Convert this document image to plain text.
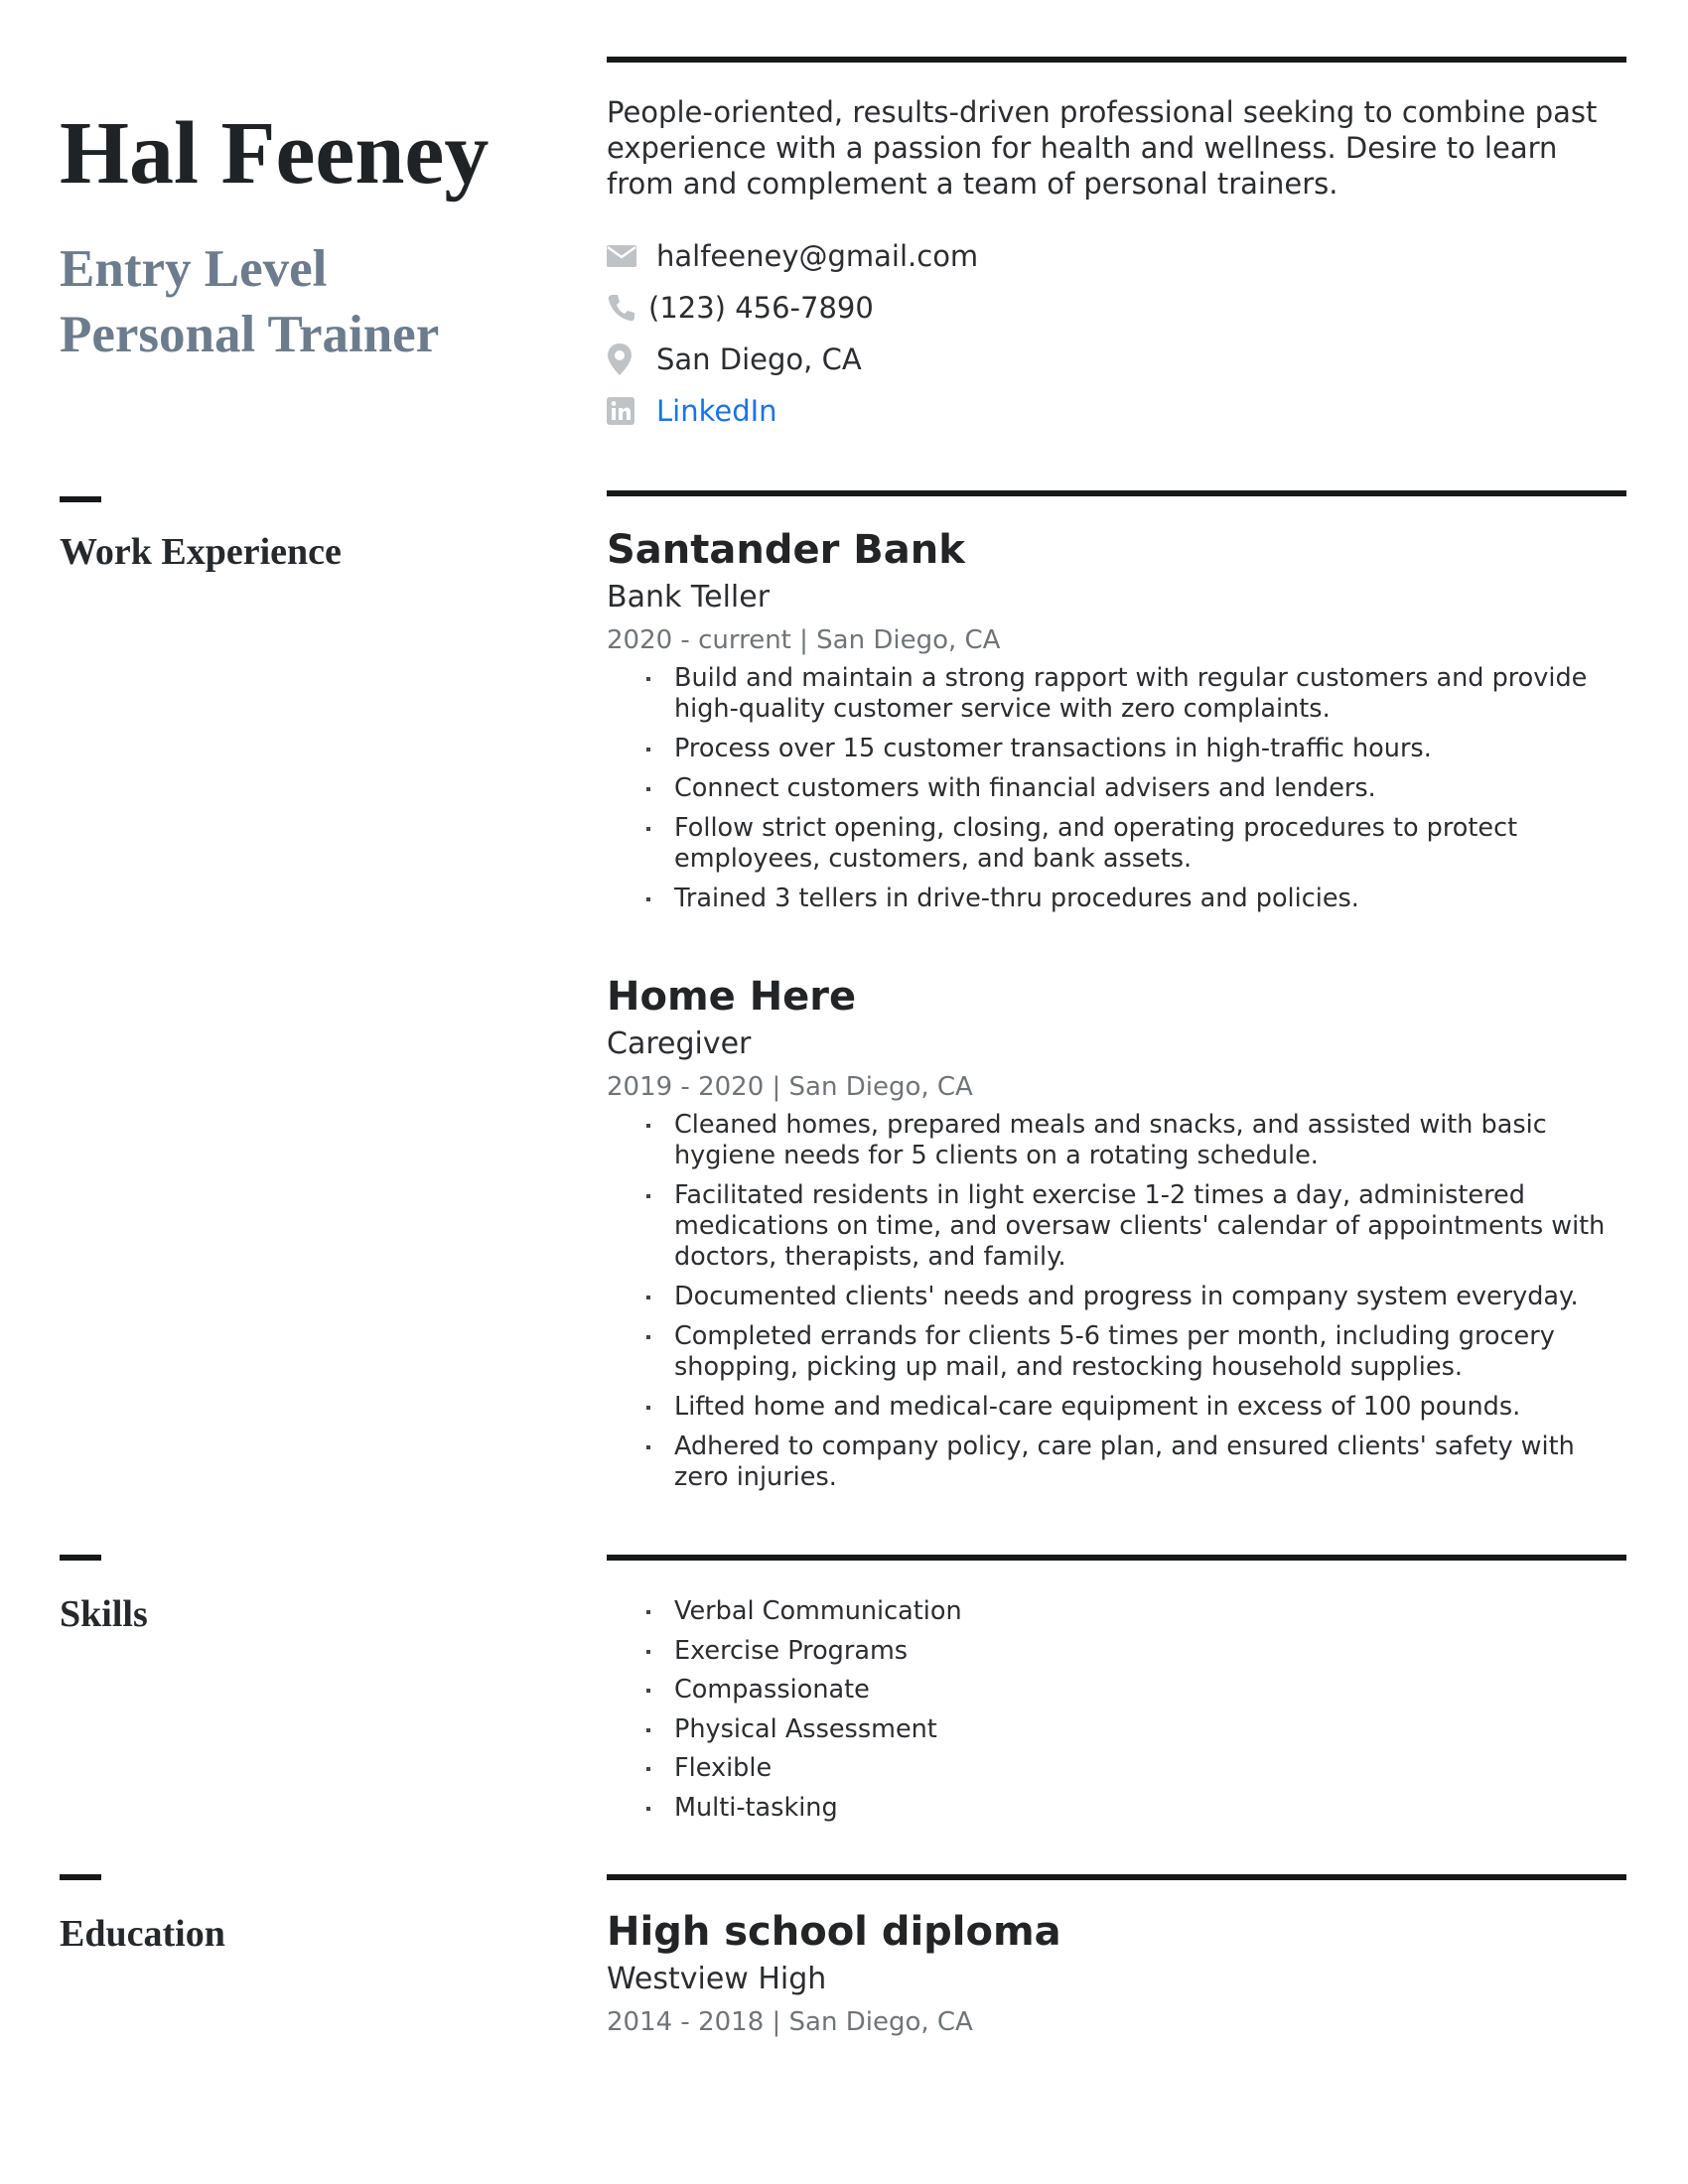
Hal Feeney
Entry Level
Personal Trainer

People-oriented, results-driven professional seeking to combine past experience with a passion for health and wellness. Desire to learn from and complement a team of personal trainers.

halfeeney@gmail.com
(123) 456-7890
San Diego, CA
LinkedIn
Work Experience	Santander Bank
Bank Teller
2020 - current | San Diego, CA
Build and maintain a strong rapport with regular customers and provide high-quality customer service with zero complaints.
Process over 15 customer transactions in high-traffic hours.
Connect customers with financial advisers and lenders.
Follow strict opening, closing, and operating procedures to protect employees, customers, and bank assets.
Trained 3 tellers in drive-thru procedures and policies.
Home Here
Caregiver
2019 - 2020 | San Diego, CA
Cleaned homes, prepared meals and snacks, and assisted with basic hygiene needs for 5 clients on a rotating schedule.
Facilitated residents in light exercise 1-2 times a day, administered medications on time, and oversaw clients' calendar of appointments with doctors, therapists, and family.
Documented clients' needs and progress in company system everyday.
Completed errands for clients 5-6 times per month, including grocery shopping, picking up mail, and restocking household supplies.
Lifted home and medical-care equipment in excess of 100 pounds.
Adhered to company policy, care plan, and ensured clients' safety with zero injuries.
Skills	Verbal Communication
Exercise Programs
Compassionate
Physical Assessment
Flexible
Multi-tasking
Education	High school diploma
Westview High
2014 - 2018 | San Diego, CA
